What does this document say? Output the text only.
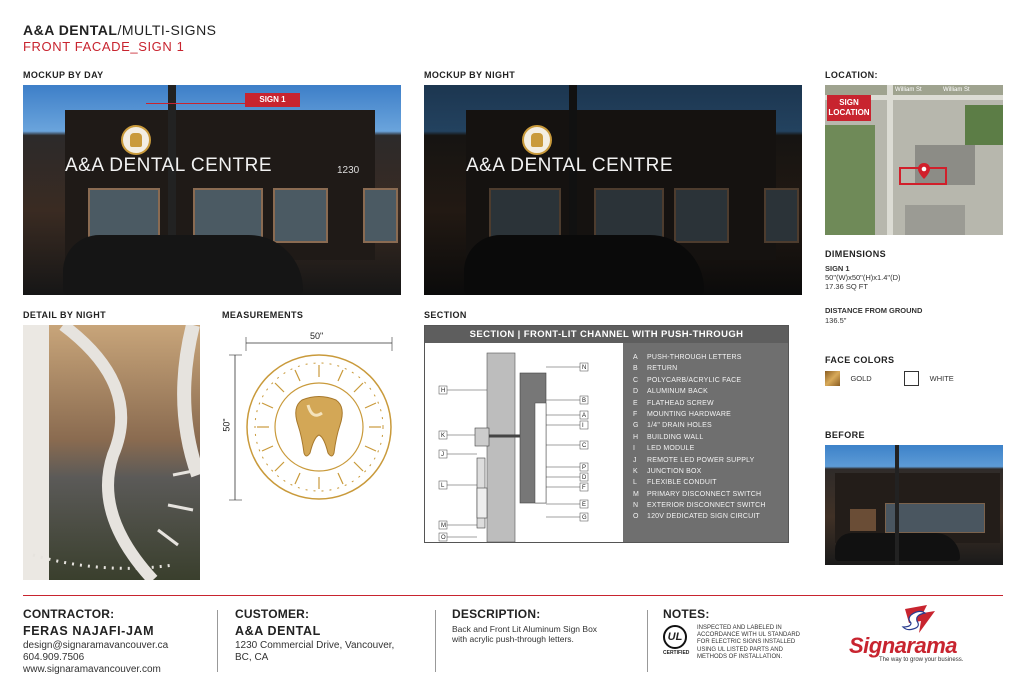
A&A DENTAL/MULTI-SIGNS
FRONT FACADE_SIGN 1
MOCKUP BY DAY	MOCKUP BY NIGHT	LOCATION:
A&A DENTAL CENTRE	1230
SIGN 1
A&A DENTAL CENTRE
SIGN
LOCATION
William St	William St
DIMENSIONS
SIGN 1
50"(W)x50"(H)x1.4"(D)
17.36 SQ FT
DISTANCE FROM GROUND
136.5"
FACE COLORS
GOLD	WHITE
BEFORE
DETAIL BY NIGHT	MEASUREMENTS	SECTION
50"
50"
SECTION | FRONT-LIT CHANNEL WITH PUSH-THROUGH
H
K
J
L
M
O
N
B
A
I
C
P
D
F
E
G
A	PUSH-THROUGH LETTERS
B	RETURN
C	POLYCARB/ACRYLIC FACE
D	ALUMINUM BACK
E	FLATHEAD SCREW
F	MOUNTING HARDWARE
G	1/4" DRAIN HOLES
H	BUILDING WALL
I	LED MODULE
J	REMOTE LED POWER SUPPLY
K	JUNCTION BOX
L	FLEXIBLE CONDUIT
M	PRIMARY DISCONNECT SWITCH
N	EXTERIOR DISCONNECT SWITCH
O	120V DEDICATED SIGN CIRCUIT
CONTRACTOR:
FERAS NAJAFI-JAM
design@signaramavancouver.ca
604.909.7506
www.signaramavancouver.com
CUSTOMER:
A&A DENTAL
1230 Commercial Drive, Vancouver,
BC, CA
DESCRIPTION:
Back and Front Lit Aluminum Sign Box
with acrylic push-through letters.
NOTES:
UL
CERTIFIED
INSPECTED AND LABELED IN
ACCORDANCE WITH UL STANDARD
FOR ELECTRIC SIGNS INSTALLED
USING UL LISTED PARTS AND
METHODS OF INSTALLATION.	Signarama
The way to grow your business.
